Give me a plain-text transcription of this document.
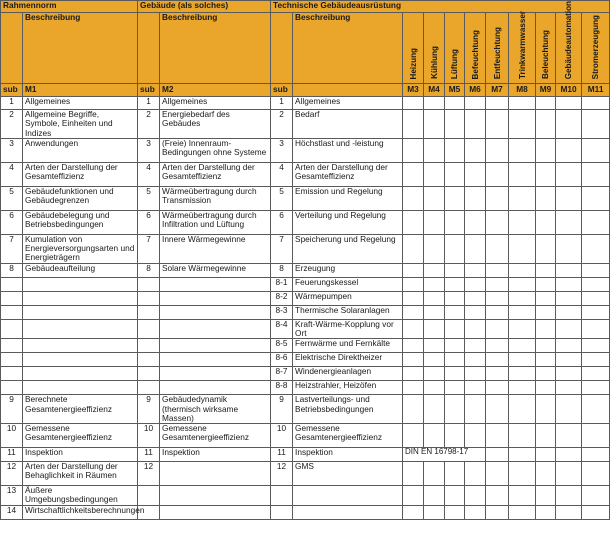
Rahmennorm		Gebäude (als solches)		Technische Gebäudeausrüstung										
	Beschreibung		Beschreibung		Beschreibung	Heizung	Kühlung	Lüftung	Befeuchtung	Entfeuchtung	Trinkwarmwasser	Beleuchtung	Gebäudeautomation	Stromerzeugung

sub	M1	sub	M2	sub		M3	M4	M5	M6	M7	M8	M9	M10	M11
1	Allgemeines	1	Allgemeines	1	Allgemeines									
2	Allgemeine Begriffe, Symbole, Einheiten und Indizes	2	Energiebedarf des Gebäudes	2	Bedarf									
3	Anwendungen	3	(Freie) Innenraum-Bedingungen ohne Systeme	3	Höchstlast und -leistung									
4	Arten der Darstellung der Gesamteffizienz	4	Arten der Darstellung der Gesamteffizienz	4	Arten der Darstellung der Gesamteffizienz									
5	Gebäudefunktionen und Gebäudegrenzen	5	Wärmeübertragung durch Transmission	5	Emission und Regelung									
6	Gebäudebelegung und Betriebsbedingungen	6	Wärmeübertragung durch Infiltration und Lüftung	6	Verteilung und Regelung									
7	Kumulation von Energieversorgungsarten und Energieträgern	7	Innere Wärmegewinne	7	Speicherung und Regelung									
8	Gebäudeaufteilung	8	Solare Wärmegewinne	8	Erzeugung									
				8-1	Feuerungskessel									
				8-2	Wärmepumpen									
				8-3	Thermische Solaranlagen									
				8-4	Kraft-Wärme-Kopplung vor Ort									
				8-5	Fernwärme und Fernkälte									
				8-6	Elektrische Direktheizer									
				8-7	Windenergieanlagen									
				8-8	Heizstrahler, Heizöfen									
9	Berechnete Gesamtenergieeffizienz	9	Gebäudedynamik (thermisch wirksame Massen)	9	Lastverteilungs- und Betriebsbedingungen									
10	Gemessene Gesamtenergieeffizienz	10	Gemessene Gesamtenergieeffizienz	10	Gemessene Gesamtenergieeffizienz									
11	Inspektion	11	Inspektion	11	Inspektion	DIN EN 16798-17								
12	Arten der Darstellung der Behaglichkeit in Räumen	12		12	GMS									
13	Äußere Umgebungsbedingungen													
14	Wirtschaftlichkeitsberechnungen													
